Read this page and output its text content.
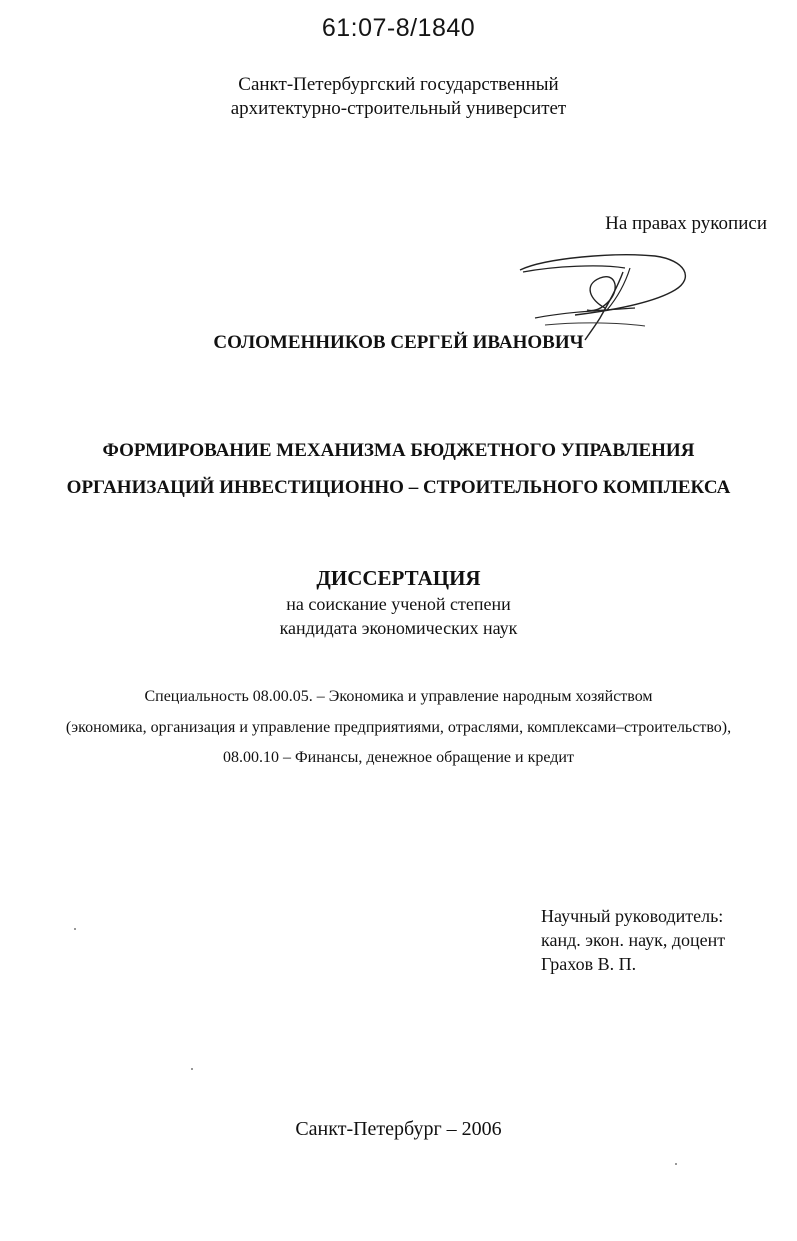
61:07-8/1840
Санкт-Петербургский государственный
архитектурно-строительный университет
На правах рукописи
СОЛОМЕННИКОВ СЕРГЕЙ ИВАНОВИЧ
ФОРМИРОВАНИЕ МЕХАНИЗМА БЮДЖЕТНОГО УПРАВЛЕНИЯ
ОРГАНИЗАЦИЙ ИНВЕСТИЦИОННО – СТРОИТЕЛЬНОГО КОМПЛЕКСА
ДИССЕРТАЦИЯ
на соискание ученой степени
кандидата экономических наук
Специальность 08.00.05. – Экономика и управление народным хозяйством
(экономика, организация и управление предприятиями, отраслями, комплексами–строительство),
08.00.10 – Финансы, денежное обращение и кредит
Научный руководитель:
канд. экон. наук, доцент
Грахов В. П.
Санкт-Петербург – 2006
